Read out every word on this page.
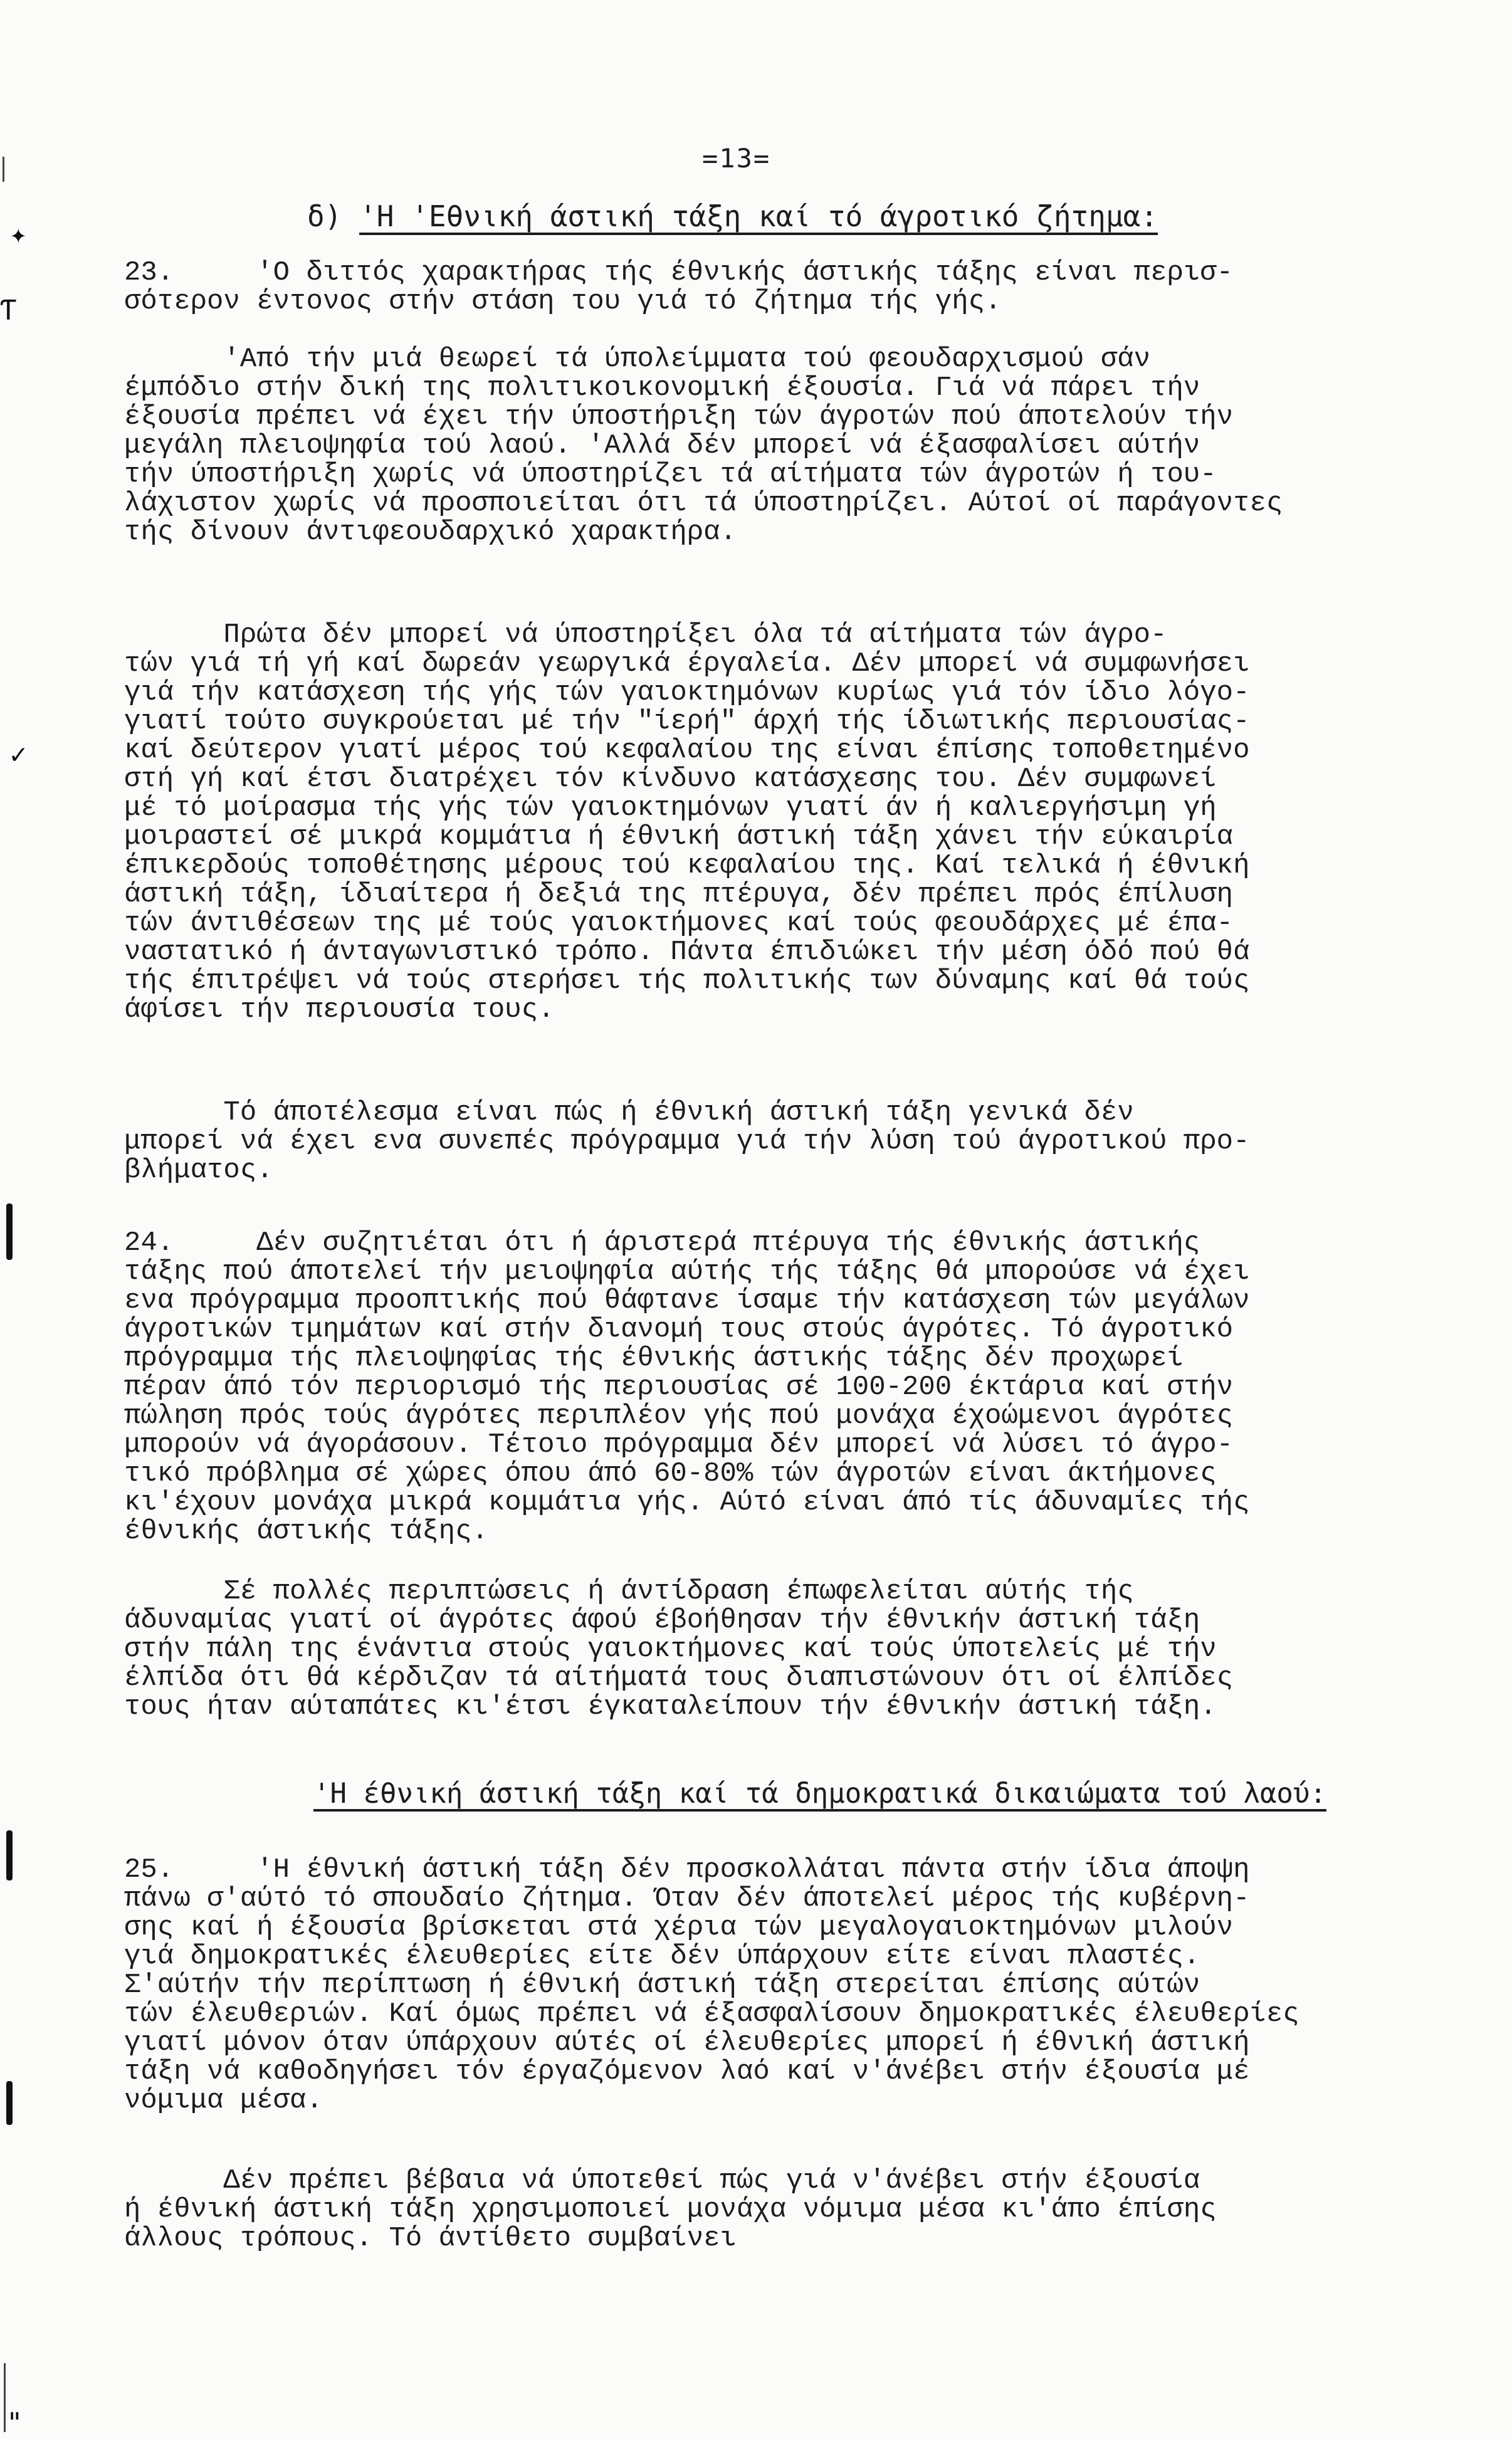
=13=
δ) 'Η 'Εθνική άστική τάξη καί τό άγροτικό ζήτημα:
23.     'Ο διττός χαρακτήρας τής έθνικής άστικής τάξης είναι περισ-
σότερον έντονος στήν στάση του γιά τό ζήτημα τής γής.

'Από τήν μιά θεωρεί τά ύπολείμματα τού φεουδαρχισμού σάν
έμπόδιο στήν δική της πολιτικοικονομική έξουσία. Γιά νά πάρει τήν
έξουσία πρέπει νά έχει τήν ύποστήριξη τών άγροτών πού άποτελούν τήν
μεγάλη πλειοψηφία τού λαού. 'Αλλά δέν μπορεί νά έξασφαλίσει αύτήν
τήν ύποστήριξη χωρίς νά ύποστηρίζει τά αίτήματα τών άγροτών ή του-
λάχιστον χωρίς νά προσποιείται ότι τά ύποστηρίζει. Αύτοί οί παράγοντες
τής δίνουν άντιφεουδαρχικό χαρακτήρα.
Πρώτα δέν μπορεί νά ύποστηρίξει όλα τά αίτήματα τών άγρο-
τών γιά τή γή καί δωρεάν γεωργικά έργαλεία. Δέν μπορεί νά συμφωνήσει
γιά τήν κατάσχεση τής γής τών γαιοκτημόνων κυρίως γιά τόν ίδιο λόγο-
γιατί τούτο συγκρούεται μέ τήν "ίερή" άρχή τής ίδιωτικής περιουσίας-
καί δεύτερον γιατί μέρος τού κεφαλαίου της είναι έπίσης τοποθετημένο
στή γή καί έτσι διατρέχει τόν κίνδυνο κατάσχεσης του. Δέν συμφωνεί
μέ τό μοίρασμα τής γής τών γαιοκτημόνων γιατί άν ή καλιεργήσιμη γή
μοιραστεί σέ μικρά κομμάτια ή έθνική άστική τάξη χάνει τήν εύκαιρία
έπικερδούς τοποθέτησης μέρους τού κεφαλαίου της. Καί τελικά ή έθνική
άστική τάξη, ίδιαίτερα ή δεξιά της πτέρυγα, δέν πρέπει πρός έπίλυση
τών άντιθέσεων της μέ τούς γαιοκτήμονες καί τούς φεουδάρχες μέ έπα-
ναστατικό ή άνταγωνιστικό τρόπο. Πάντα έπιδιώκει τήν μέση όδό πού θά
τής έπιτρέψει νά τούς στερήσει τής πολιτικής των δύναμης καί θά τούς
άφίσει τήν περιουσία τους.
Τό άποτέλεσμα είναι πώς ή έθνική άστική τάξη γενικά δέν
μπορεί νά έχει ενα συνεπές πρόγραμμα γιά τήν λύση τού άγροτικού προ-
βλήματος.
24.     Δέν συζητιέται ότι ή άριστερά πτέρυγα τής έθνικής άστικής
τάξης πού άποτελεί τήν μειοψηφία αύτής τής τάξης θά μπορούσε νά έχει
ενα πρόγραμμα προοπτικής πού θάφτανε ίσαμε τήν κατάσχεση τών μεγάλων
άγροτικών τμημάτων καί στήν διανομή τους στούς άγρότες. Τό άγροτικό
πρόγραμμα τής πλειοψηφίας τής έθνικής άστικής τάξης δέν προχωρεί
πέραν άπό τόν περιορισμό τής περιουσίας σέ 100-200 έκτάρια καί στήν
πώληση πρός τούς άγρότες περιπλέον γής πού μονάχα έχοώμενοι άγρότες
μπορούν νά άγοράσουν. Τέτοιο πρόγραμμα δέν μπορεί νά λύσει τό άγρο-
τικό πρόβλημα σέ χώρες όπου άπό 60-80% τών άγροτών είναι άκτήμονες
κι'έχουν μονάχα μικρά κομμάτια γής. Αύτό είναι άπό τίς άδυναμίες τής
έθνικής άστικής τάξης.
Σέ πολλές περιπτώσεις ή άντίδραση έπωφελείται αύτής τής
άδυναμίας γιατί οί άγρότες άφού έβοήθησαν τήν έθνικήν άστική τάξη
στήν πάλη της ένάντια στούς γαιοκτήμονες καί τούς ύποτελείς μέ τήν
έλπίδα ότι θά κέρδιζαν τά αίτήματά τους διαπιστώνουν ότι οί έλπίδες
τους ήταν αύταπάτες κι'έτσι έγκαταλείπουν τήν έθνικήν άστική τάξη.
'Η έθνική άστική τάξη καί τά δημοκρατικά δικαιώματα τού λαού:
25.     'Η έθνική άστική τάξη δέν προσκολλάται πάντα στήν ίδια άποψη
πάνω σ'αύτό τό σπουδαίο ζήτημα. Όταν δέν άποτελεί μέρος τής κυβέρνη-
σης καί ή έξουσία βρίσκεται στά χέρια τών μεγαλογαιοκτημόνων μιλούν
γιά δημοκρατικές έλευθερίες είτε δέν ύπάρχουν είτε είναι πλαστές.
Σ'αύτήν τήν περίπτωση ή έθνική άστική τάξη στερείται έπίσης αύτών
τών έλευθεριών. Καί όμως πρέπει νά έξασφαλίσουν δημοκρατικές έλευθερίες
γιατί μόνον όταν ύπάρχουν αύτές οί έλευθερίες μπορεί ή έθνική άστική
τάξη νά καθοδηγήσει τόν έργαζόμενον λαό καί ν'άνέβει στήν έξουσία μέ
νόμιμα μέσα.
Δέν πρέπει βέβαια νά ύποτεθεί πώς γιά ν'άνέβει στήν έξουσία
ή έθνική άστική τάξη χρησιμοποιεί μονάχα νόμιμα μέσα κι'άπο έπίσης
άλλους τρόπους. Τό άντίθετο συμβαίνει
✦
Ƭ
✓
"
